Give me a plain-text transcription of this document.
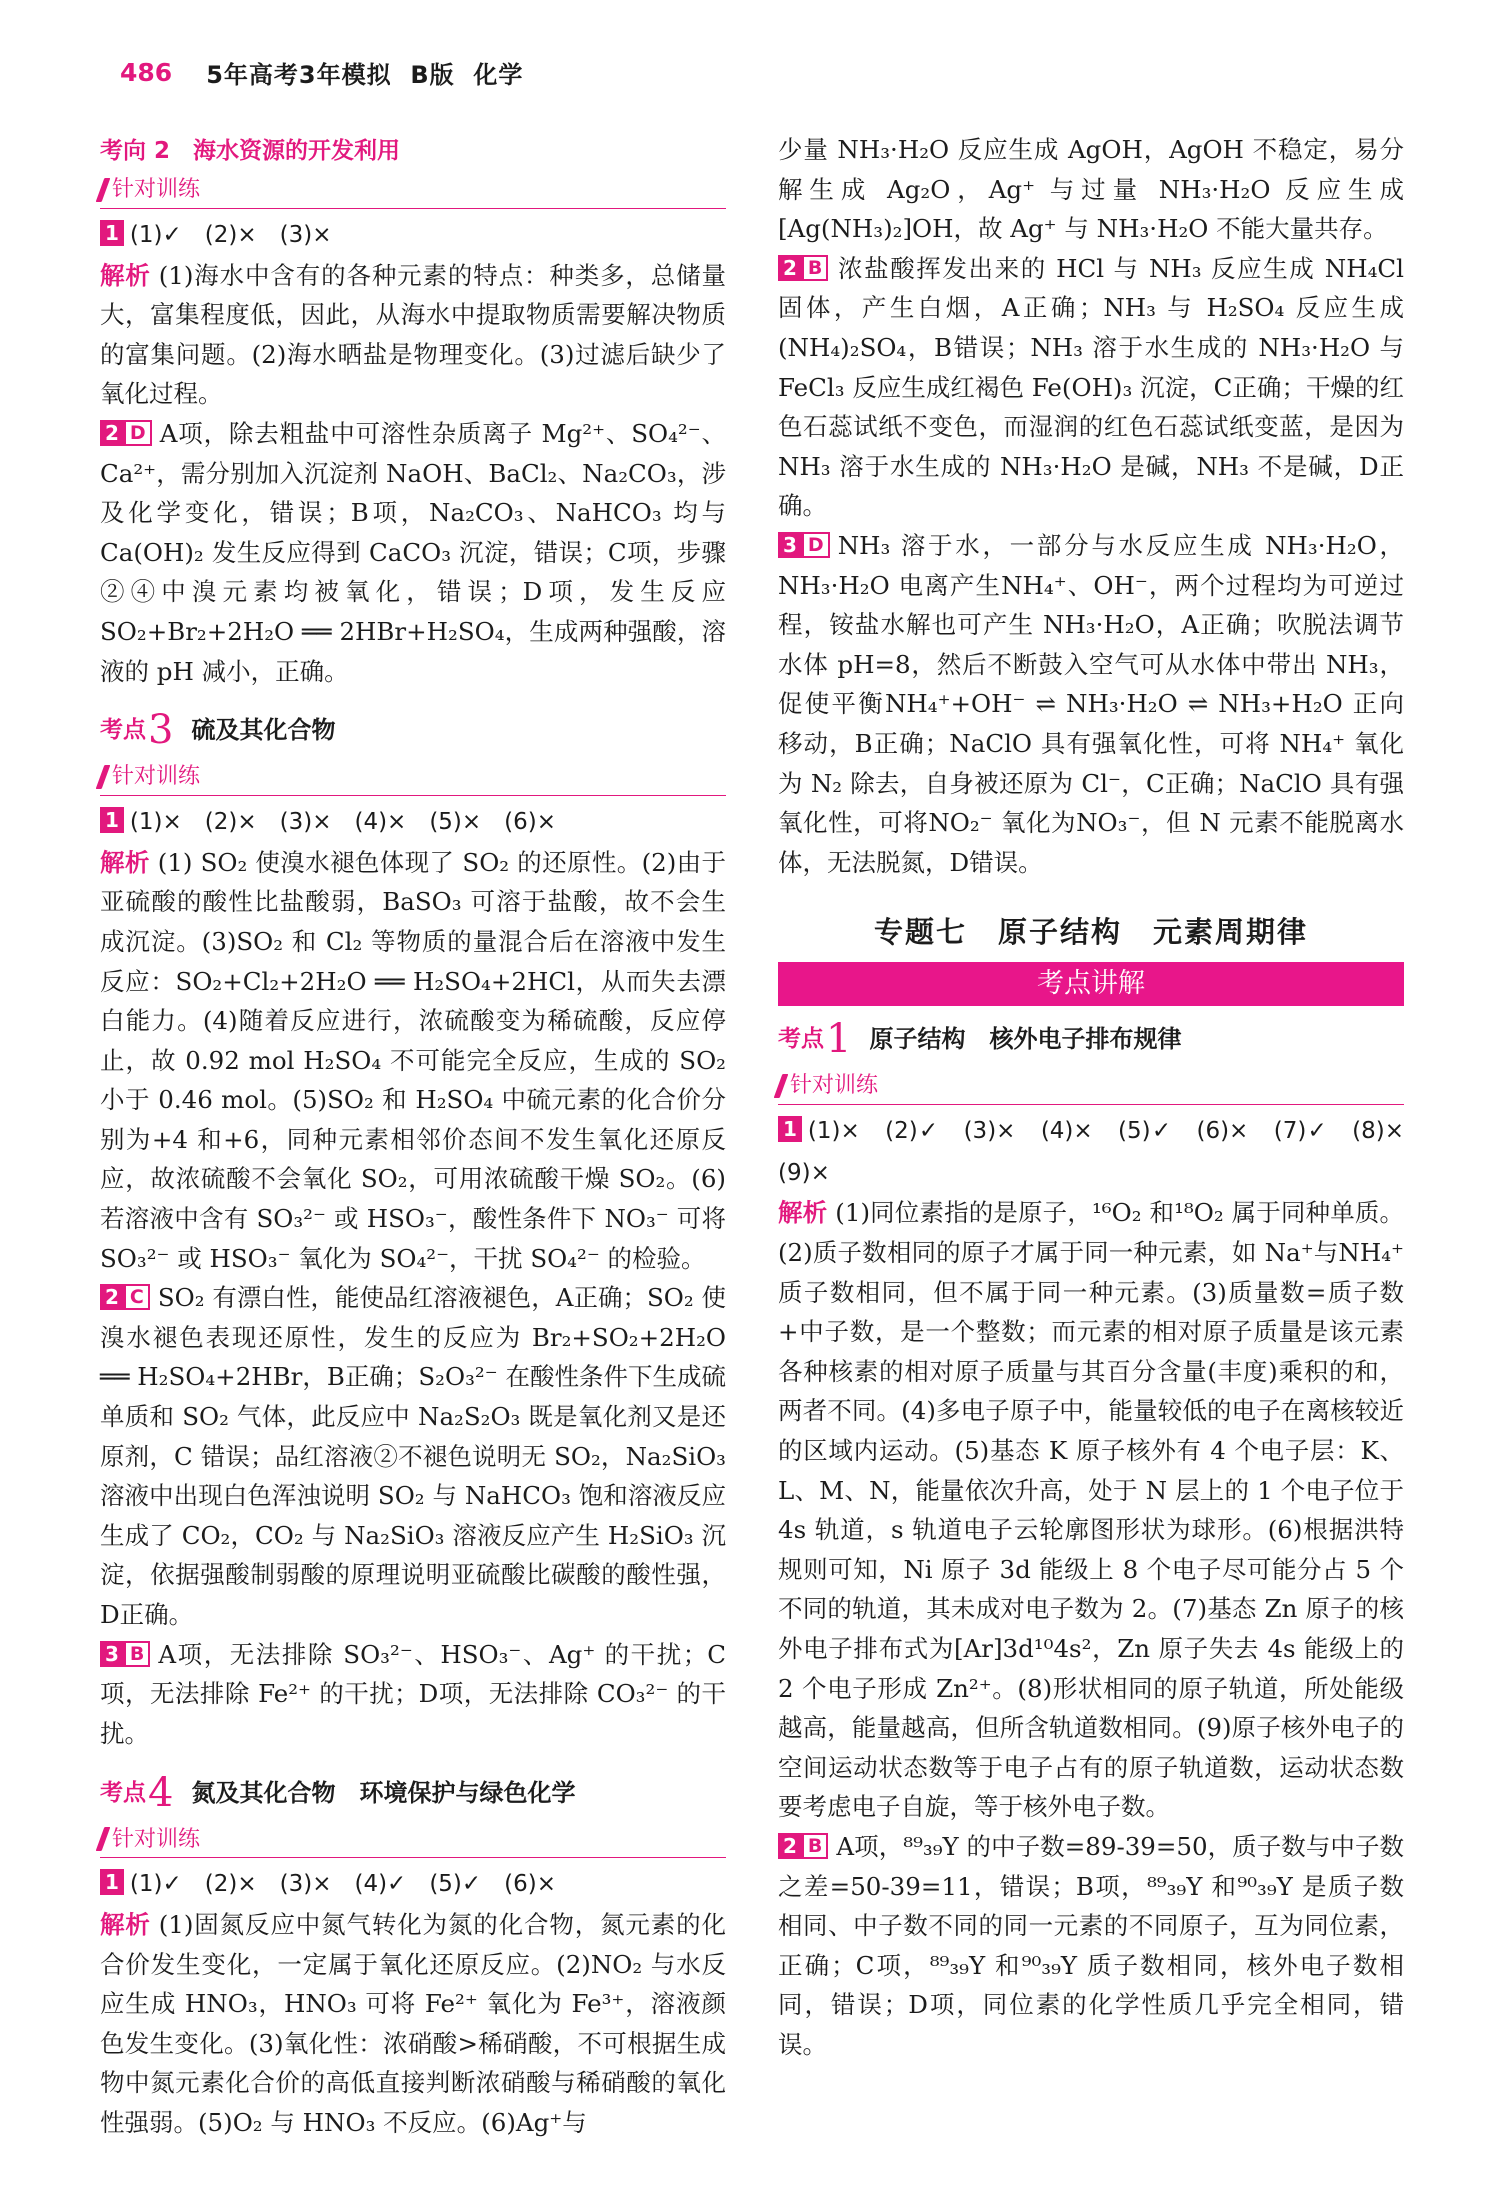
486 5年高考3年模拟 B版 化学
考向 2　海水资源的开发利用
针对训练

1 (1)✓　(2)×　(3)×

解析 (1)海水中含有的各种元素的特点：种类多，总储量大，富集程度低，因此，从海水中提取物质需要解决物质的富集问题。(2)海水晒盐是物理变化。(3)过滤后缺少了氧化过程。

2 D A项，除去粗盐中可溶性杂质离子 Mg²⁺、SO₄²⁻、Ca²⁺，需分别加入沉淀剂 NaOH、BaCl₂、Na₂CO₃，涉及化学变化，错误；B项，Na₂CO₃、NaHCO₃ 均与 Ca(OH)₂ 发生反应得到 CaCO₃ 沉淀，错误；C项，步骤②④中溴元素均被氧化，错误；D项，发生反应 SO₂+Br₂+2H₂O ══ 2HBr+H₂SO₄，生成两种强酸，溶液的 pH 减小，正确。

考点 3 硫及其化合物
针对训练

1 (1)×　(2)×　(3)×　(4)×　(5)×　(6)×

解析 (1) SO₂ 使溴水褪色体现了 SO₂ 的还原性。(2)由于亚硫酸的酸性比盐酸弱，BaSO₃ 可溶于盐酸，故不会生成沉淀。(3)SO₂ 和 Cl₂ 等物质的量混合后在溶液中发生反应：SO₂+Cl₂+2H₂O ══ H₂SO₄+2HCl，从而失去漂白能力。(4)随着反应进行，浓硫酸变为稀硫酸，反应停止，故 0.92 mol H₂SO₄ 不可能完全反应，生成的 SO₂ 小于 0.46 mol。(5)SO₂ 和 H₂SO₄ 中硫元素的化合价分别为+4 和+6，同种元素相邻价态间不发生氧化还原反应，故浓硫酸不会氧化 SO₂，可用浓硫酸干燥 SO₂。(6)若溶液中含有 SO₃²⁻ 或 HSO₃⁻，酸性条件下 NO₃⁻ 可将 SO₃²⁻ 或 HSO₃⁻ 氧化为 SO₄²⁻，干扰 SO₄²⁻ 的检验。

2 C SO₂ 有漂白性，能使品红溶液褪色，A正确；SO₂ 使溴水褪色表现还原性，发生的反应为 Br₂+SO₂+2H₂O ══ H₂SO₄+2HBr，B正确；S₂O₃²⁻ 在酸性条件下生成硫单质和 SO₂ 气体，此反应中 Na₂S₂O₃ 既是氧化剂又是还原剂，C 错误；品红溶液②不褪色说明无 SO₂，Na₂SiO₃ 溶液中出现白色浑浊说明 SO₂ 与 NaHCO₃ 饱和溶液反应生成了 CO₂，CO₂ 与 Na₂SiO₃ 溶液反应产生 H₂SiO₃ 沉淀，依据强酸制弱酸的原理说明亚硫酸比碳酸的酸性强，D正确。

3 B A项，无法排除 SO₃²⁻、HSO₃⁻、Ag⁺ 的干扰；C项，无法排除 Fe²⁺ 的干扰；D项，无法排除 CO₃²⁻ 的干扰。

考点 4 氮及其化合物　环境保护与绿色化学
针对训练

1 (1)✓　(2)×　(3)×　(4)✓　(5)✓　(6)×

解析 (1)固氮反应中氮气转化为氮的化合物，氮元素的化合价发生变化，一定属于氧化还原反应。(2)NO₂ 与水反应生成 HNO₃，HNO₃ 可将 Fe²⁺ 氧化为 Fe³⁺，溶液颜色发生变化。(3)氧化性：浓硝酸>稀硝酸，不可根据生成物中氮元素化合价的高低直接判断浓硝酸与稀硝酸的氧化性强弱。(5)O₂ 与 HNO₃ 不反应。(6)Ag⁺与

少量 NH₃·H₂O 反应生成 AgOH，AgOH 不稳定，易分解生成 Ag₂O，Ag⁺ 与过量 NH₃·H₂O 反应生成[Ag(NH₃)₂]OH，故 Ag⁺ 与 NH₃·H₂O 不能大量共存。

2 B 浓盐酸挥发出来的 HCl 与 NH₃ 反应生成 NH₄Cl 固体，产生白烟，A正确；NH₃ 与 H₂SO₄ 反应生成(NH₄)₂SO₄，B错误；NH₃ 溶于水生成的 NH₃·H₂O 与 FeCl₃ 反应生成红褐色 Fe(OH)₃ 沉淀，C正确；干燥的红色石蕊试纸不变色，而湿润的红色石蕊试纸变蓝，是因为 NH₃ 溶于水生成的 NH₃·H₂O 是碱，NH₃ 不是碱，D正确。

3 D NH₃ 溶于水，一部分与水反应生成 NH₃·H₂O，NH₃·H₂O 电离产生NH₄⁺、OH⁻，两个过程均为可逆过程，铵盐水解也可产生 NH₃·H₂O，A正确；吹脱法调节水体 pH=8，然后不断鼓入空气可从水体中带出 NH₃，促使平衡NH₄⁺+OH⁻ ⇌ NH₃·H₂O ⇌ NH₃+H₂O 正向移动，B正确；NaClO 具有强氧化性，可将 NH₄⁺ 氧化为 N₂ 除去，自身被还原为 Cl⁻，C正确；NaClO 具有强氧化性，可将NO₂⁻ 氧化为NO₃⁻，但 N 元素不能脱离水体，无法脱氮，D错误。

专题七　原子结构　元素周期律
考点讲解
考点 1 原子结构　核外电子排布规律
针对训练

1 (1)×　(2)✓　(3)×　(4)×　(5)✓　(6)×　(7)✓　(8)×　(9)×

解析 (1)同位素指的是原子，¹⁶O₂ 和¹⁸O₂ 属于同种单质。(2)质子数相同的原子才属于同一种元素，如 Na⁺与NH₄⁺ 质子数相同，但不属于同一种元素。(3)质量数=质子数+中子数，是一个整数；而元素的相对原子质量是该元素各种核素的相对原子质量与其百分含量(丰度)乘积的和，两者不同。(4)多电子原子中，能量较低的电子在离核较近的区域内运动。(5)基态 K 原子核外有 4 个电子层：K、L、M、N，能量依次升高，处于 N 层上的 1 个电子位于 4s 轨道，s 轨道电子云轮廓图形状为球形。(6)根据洪特规则可知，Ni 原子 3d 能级上 8 个电子尽可能分占 5 个不同的轨道，其未成对电子数为 2。(7)基态 Zn 原子的核外电子排布式为[Ar]3d¹⁰4s²，Zn 原子失去 4s 能级上的 2 个电子形成 Zn²⁺。(8)形状相同的原子轨道，所处能级越高，能量越高，但所含轨道数相同。(9)原子核外电子的空间运动状态数等于电子占有的原子轨道数，运动状态数要考虑电子自旋，等于核外电子数。

2 B A项，⁸⁹₃₉Y 的中子数=89-39=50，质子数与中子数之差=50-39=11，错误；B项，⁸⁹₃₉Y 和⁹⁰₃₉Y 是质子数相同、中子数不同的同一元素的不同原子，互为同位素，正确；C项，⁸⁹₃₉Y 和⁹⁰₃₉Y 质子数相同，核外电子数相同，错误；D项，同位素的化学性质几乎完全相同，错误。
